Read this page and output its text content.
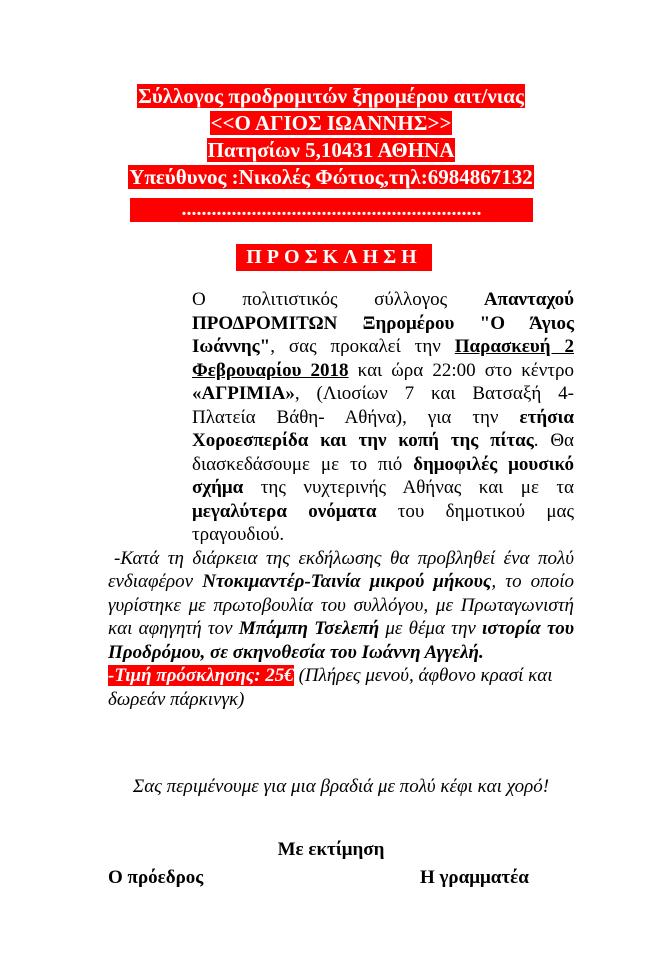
Σύλλογος προδρομιτών ξηρομέρου αιτ/νιας
<<Ο ΑΓΙΟΣ ΙΩΑΝΝΗΣ>>
Πατησίων 5,10431 ΑΘΗΝΑ
Υπεύθυνος :Νικολές Φώτιος,τηλ:6984867132
............................................................
ΠΡΟΣΚΛΗΣΗ

Ο πολιτιστικός σύλλογος Απανταχού ΠΡΟΔΡΟΜΙΤΩΝ Ξηρομέρου "Ο Άγιος Ιωάννης", σας προκαλεί την Παρασκευή 2 Φεβρουαρίου 2018 και ώρα 22:00 στο κέντρο «ΑΓΡΙΜΙΑ», (Λιοσίων 7 και Βατσαξή 4- Πλατεία Βάθη- Αθήνα), για την ετήσια Χοροεσπερίδα και την κοπή της πίτας. Θα διασκεδάσουμε με το πιό δημοφιλές μουσικό σχήμα της νυχτερινής Αθήνας και με τα μεγαλύτερα ονόματα του δημοτικού μας τραγουδιού.

-Κατά τη διάρκεια της εκδήλωσης θα προβληθεί ένα πολύ ενδιαφέρον Ντοκιμαντέρ-Ταινία μικρού μήκους, το οποίο γυρίστηκε με πρωτοβουλία του συλλόγου, με Πρωταγωνιστή και αφηγητή τον Μπάμπη Τσελεπή με θέμα την ιστορία του Προδρόμου, σε σκηνοθεσία του Ιωάννη Αγγελή.

-Τιμή πρόσκλησης: 25€ (Πλήρες μενού, άφθονο κρασί και δωρεάν πάρκινγκ)

Σας περιμένουμε για μια βραδιά με πολύ κέφι και χορό!
Με εκτίμηση
Ο πρόεδρος	Η γραμματέα
